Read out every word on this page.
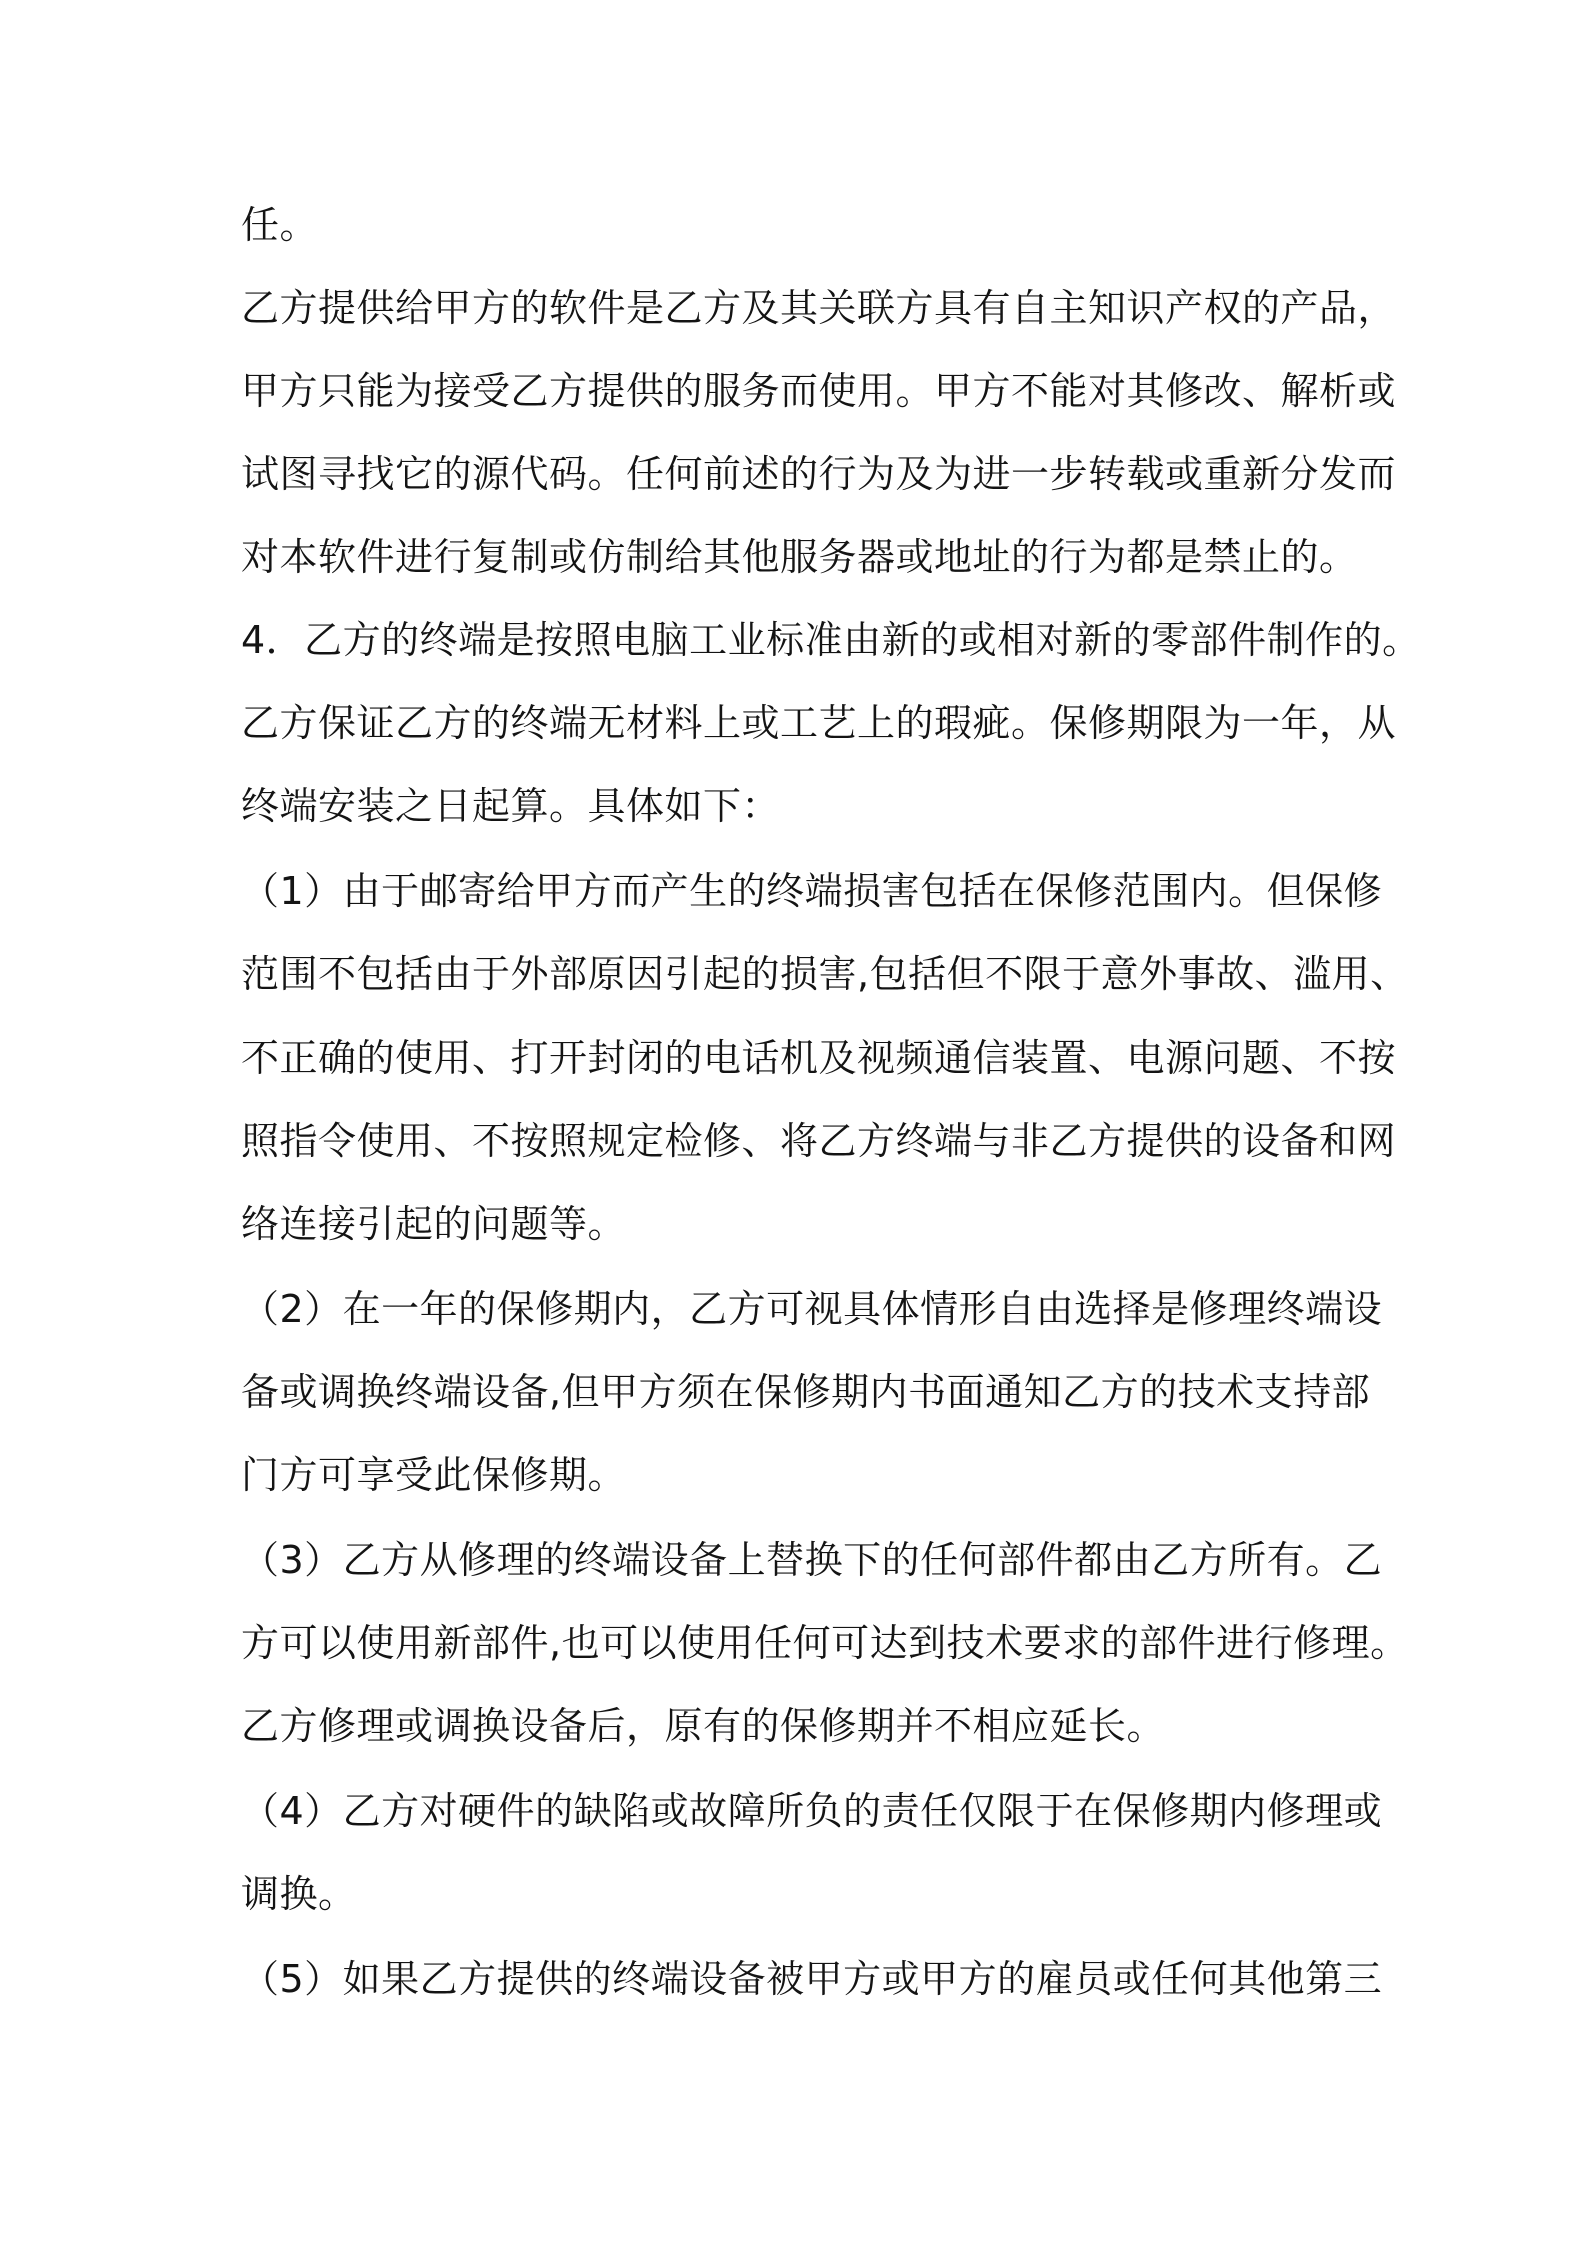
任。
乙方提供给甲方的软件是乙方及其关联方具有自主知识产权的产品，
甲方只能为接受乙方提供的服务而使用。甲方不能对其修改、解析或
试图寻找它的源代码。任何前述的行为及为进一步转载或重新分发而
对本软件进行复制或仿制给其他服务器或地址的行为都是禁止的。
4．乙方的终端是按照电脑工业标准由新的或相对新的零部件制作的。
乙方保证乙方的终端无材料上或工艺上的瑕疵。保修期限为一年，从
终端安装之日起算。具体如下：
（1）由于邮寄给甲方而产生的终端损害包括在保修范围内。但保修
范围不包括由于外部原因引起的损害,包括但不限于意外事故、滥用、
不正确的使用、打开封闭的电话机及视频通信装置、电源问题、不按
照指令使用、不按照规定检修、将乙方终端与非乙方提供的设备和网
络连接引起的问题等。
（2）在一年的保修期内，乙方可视具体情形自由选择是修理终端设
备或调换终端设备,但甲方须在保修期内书面通知乙方的技术支持部
门方可享受此保修期。
（3）乙方从修理的终端设备上替换下的任何部件都由乙方所有。乙
方可以使用新部件,也可以使用任何可达到技术要求的部件进行修理。
乙方修理或调换设备后，原有的保修期并不相应延长。
（4）乙方对硬件的缺陷或故障所负的责任仅限于在保修期内修理或
调换。
（5）如果乙方提供的终端设备被甲方或甲方的雇员或任何其他第三
